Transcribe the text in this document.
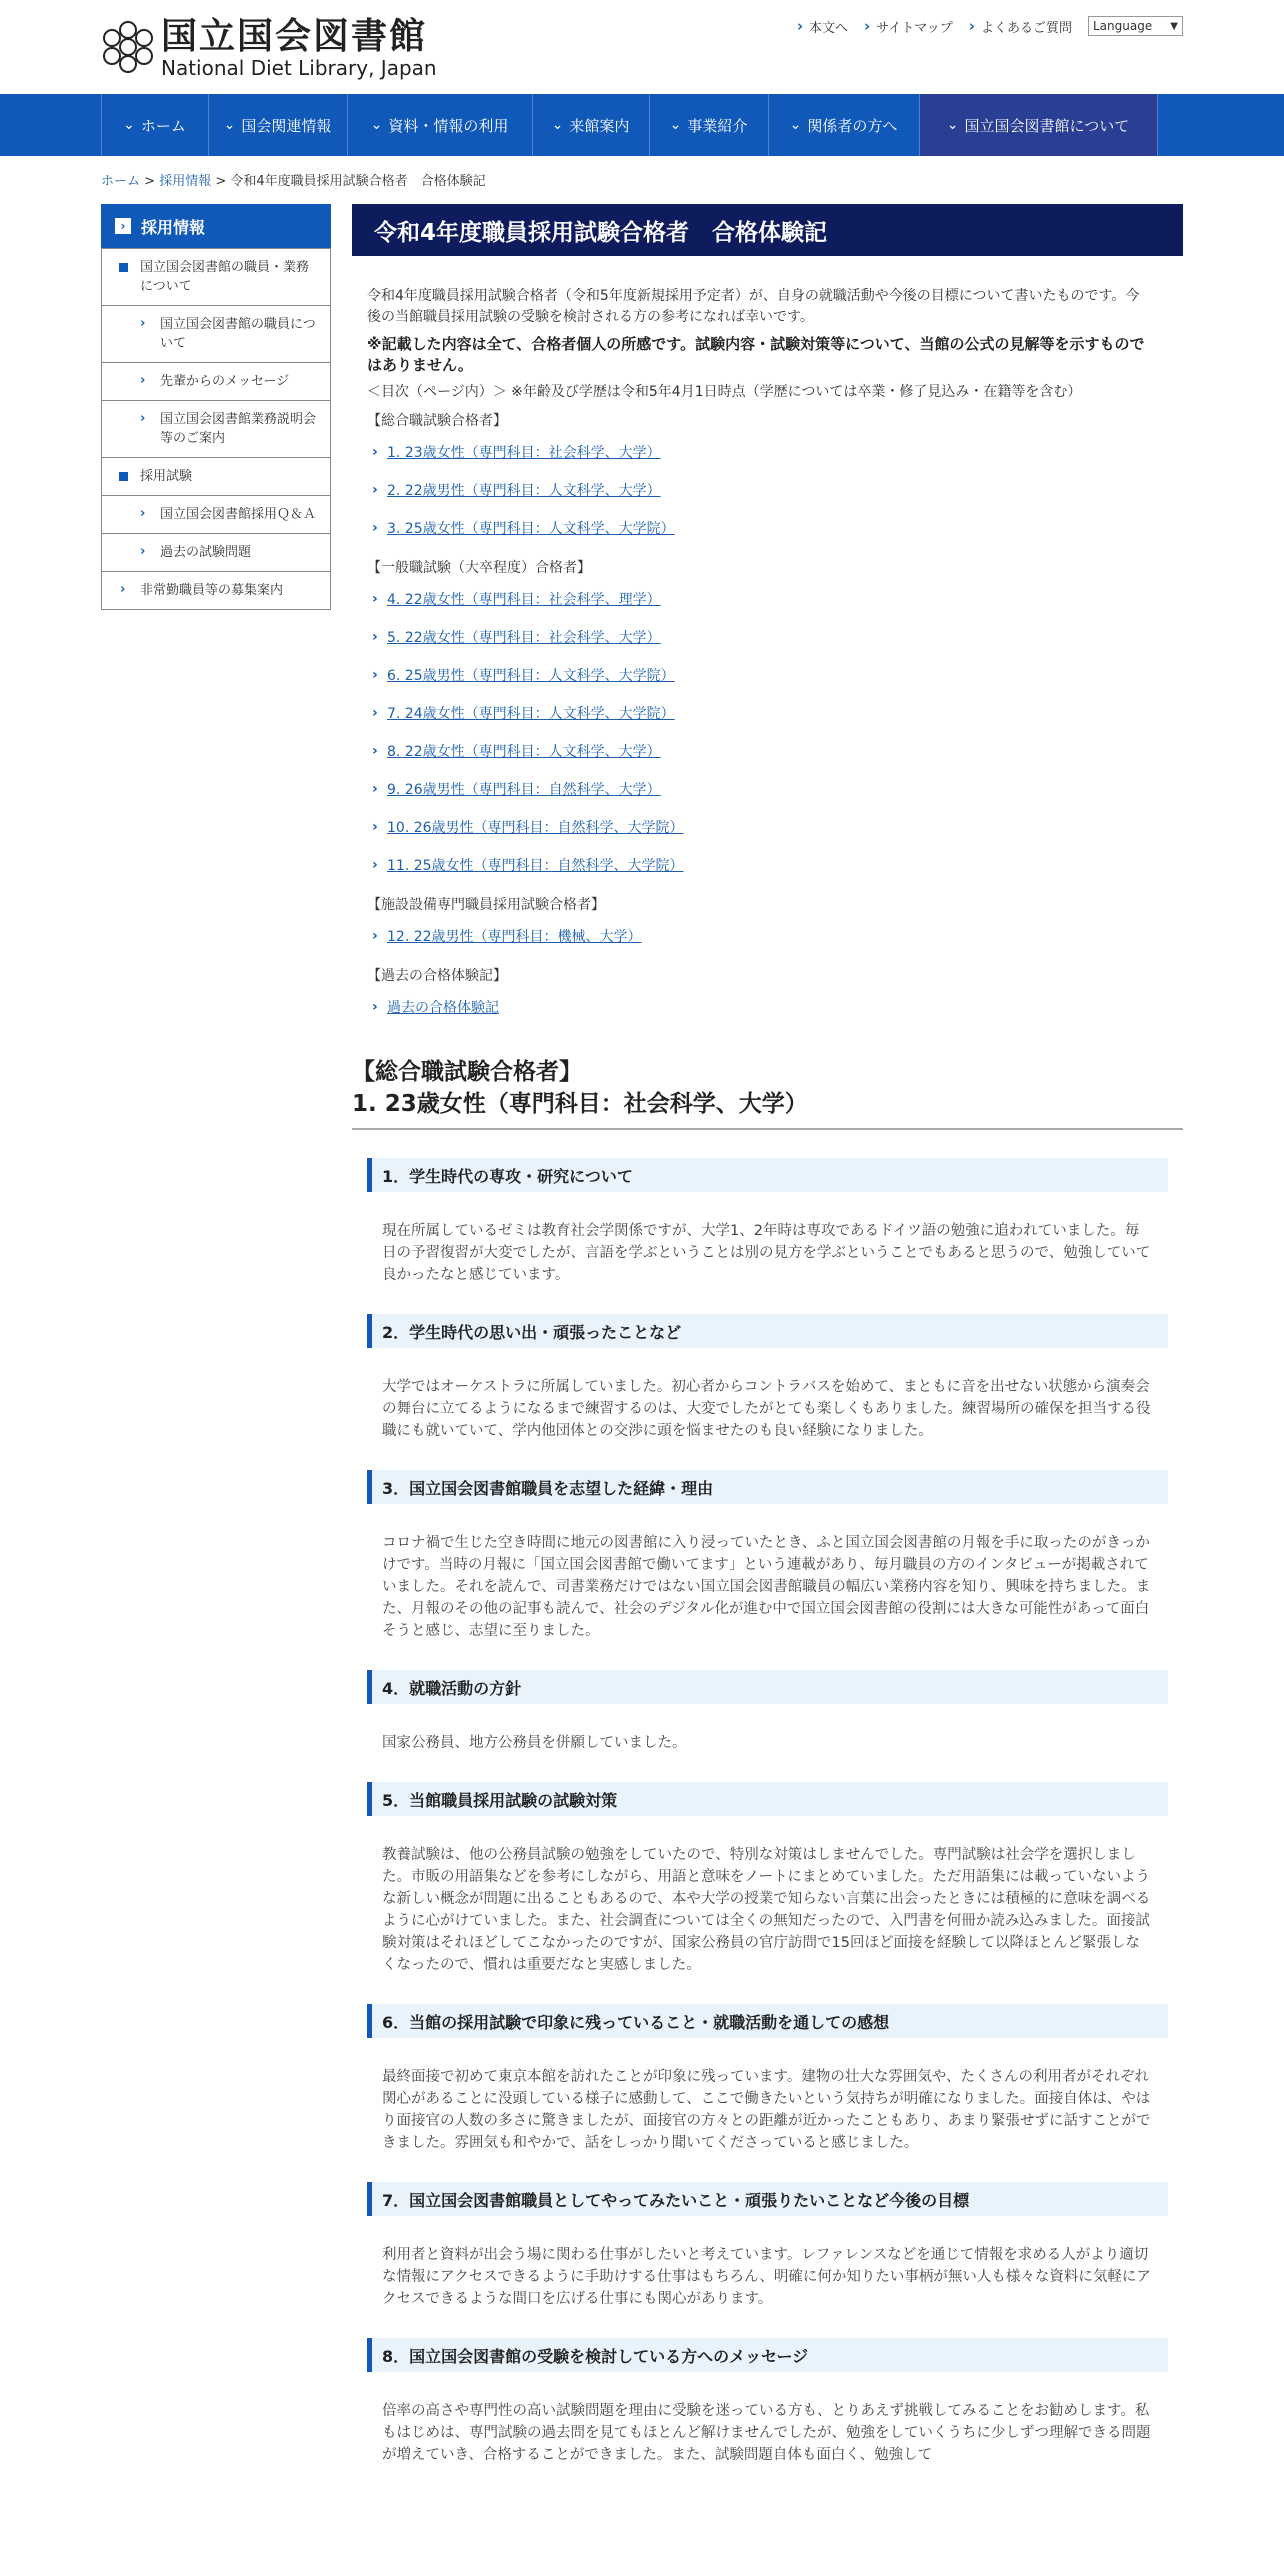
国立国会図書館
National Diet Library, Japan
› 本文へ	› サイトマップ	› よくあるご質問 Language ▼
⌄ ホーム	⌄ 国会関連情報	⌄ 資料・情報の利用	⌄ 来館案内	⌄ 事業紹介	⌄ 関係者の方へ	⌄ 国立国会図書館について
ホーム > 採用情報 > 令和4年度職員採用試験合格者　合格体験記
› 採用情報
国立国会図書館の職員・業務について
› 国立国会図書館の職員について
› 先輩からのメッセージ
› 国立国会図書館業務説明会等のご案内
採用試験
› 国立国会図書館採用Ｑ＆Ａ
› 過去の試験問題
› 非常勤職員等の募集案内
令和4年度職員採用試験合格者　合格体験記

令和4年度職員採用試験合格者（令和5年度新規採用予定者）が、自身の就職活動や今後の目標について書いたものです。今後の当館職員採用試験の受験を検討される方の参考になれば幸いです。

※記載した内容は全て、合格者個人の所感です。試験内容・試験対策等について、当館の公式の見解等を示すものではありません。

＜目次（ページ内）＞ ※年齢及び学歴は令和5年4月1日時点（学歴については卒業・修了見込み・在籍等を含む）

【総合職試験合格者】
› 1. 23歳女性（専門科目：社会科学、大学）
› 2. 22歳男性（専門科目：人文科学、大学）
› 3. 25歳女性（専門科目：人文科学、大学院）
【一般職試験（大卒程度）合格者】
› 4. 22歳女性（専門科目：社会科学、理学）
› 5. 22歳女性（専門科目：社会科学、大学）
› 6. 25歳男性（専門科目：人文科学、大学院）
› 7. 24歳女性（専門科目：人文科学、大学院）
› 8. 22歳女性（専門科目：人文科学、大学）
› 9. 26歳男性（専門科目：自然科学、大学）
› 10. 26歳男性（専門科目：自然科学、大学院）
› 11. 25歳女性（専門科目：自然科学、大学院）
【施設設備専門職員採用試験合格者】
› 12. 22歳男性（専門科目：機械、大学）
【過去の合格体験記】
› 過去の合格体験記
【総合職試験合格者】
1. 23歳女性（専門科目：社会科学、大学）
1．学生時代の専攻・研究について
現在所属しているゼミは教育社会学関係ですが、大学1、2年時は専攻であるドイツ語の勉強に追われていました。毎日の予習復習が大変でしたが、言語を学ぶということは別の見方を学ぶということでもあると思うので、勉強していて良かったなと感じています。
2．学生時代の思い出・頑張ったことなど
大学ではオーケストラに所属していました。初心者からコントラバスを始めて、まともに音を出せない状態から演奏会の舞台に立てるようになるまで練習するのは、大変でしたがとても楽しくもありました。練習場所の確保を担当する役職にも就いていて、学内他団体との交渉に頭を悩ませたのも良い経験になりました。
3．国立国会図書館職員を志望した経緯・理由
コロナ禍で生じた空き時間に地元の図書館に入り浸っていたとき、ふと国立国会図書館の月報を手に取ったのがきっかけです。当時の月報に「国立国会図書館で働いてます」という連載があり、毎月職員の方のインタビューが掲載されていました。それを読んで、司書業務だけではない国立国会図書館職員の幅広い業務内容を知り、興味を持ちました。また、月報のその他の記事も読んで、社会のデジタル化が進む中で国立国会図書館の役割には大きな可能性があって面白そうと感じ、志望に至りました。
4．就職活動の方針
国家公務員、地方公務員を併願していました。
5．当館職員採用試験の試験対策
教養試験は、他の公務員試験の勉強をしていたので、特別な対策はしませんでした。専門試験は社会学を選択しました。市販の用語集などを参考にしながら、用語と意味をノートにまとめていました。ただ用語集には載っていないような新しい概念が問題に出ることもあるので、本や大学の授業で知らない言葉に出会ったときには積極的に意味を調べるように心がけていました。また、社会調査については全くの無知だったので、入門書を何冊か読み込みました。面接試験対策はそれほどしてこなかったのですが、国家公務員の官庁訪問で15回ほど面接を経験して以降ほとんど緊張しなくなったので、慣れは重要だなと実感しました。
6．当館の採用試験で印象に残っていること・就職活動を通しての感想
最終面接で初めて東京本館を訪れたことが印象に残っています。建物の壮大な雰囲気や、たくさんの利用者がそれぞれ関心があることに没頭している様子に感動して、ここで働きたいという気持ちが明確になりました。面接自体は、やはり面接官の人数の多さに驚きましたが、面接官の方々との距離が近かったこともあり、あまり緊張せずに話すことができました。雰囲気も和やかで、話をしっかり聞いてくださっていると感じました。
7．国立国会図書館職員としてやってみたいこと・頑張りたいことなど今後の目標
利用者と資料が出会う場に関わる仕事がしたいと考えています。レファレンスなどを通じて情報を求める人がより適切な情報にアクセスできるように手助けする仕事はもちろん、明確に何か知りたい事柄が無い人も様々な資料に気軽にアクセスできるような間口を広げる仕事にも関心があります。
8．国立国会図書館の受験を検討している方へのメッセージ
倍率の高さや専門性の高い試験問題を理由に受験を迷っている方も、とりあえず挑戦してみることをお勧めします。私もはじめは、専門試験の過去問を見てもほとんど解けませんでしたが、勉強をしていくうちに少しずつ理解できる問題が増えていき、合格することができました。また、試験問題自体も面白く、勉強して
